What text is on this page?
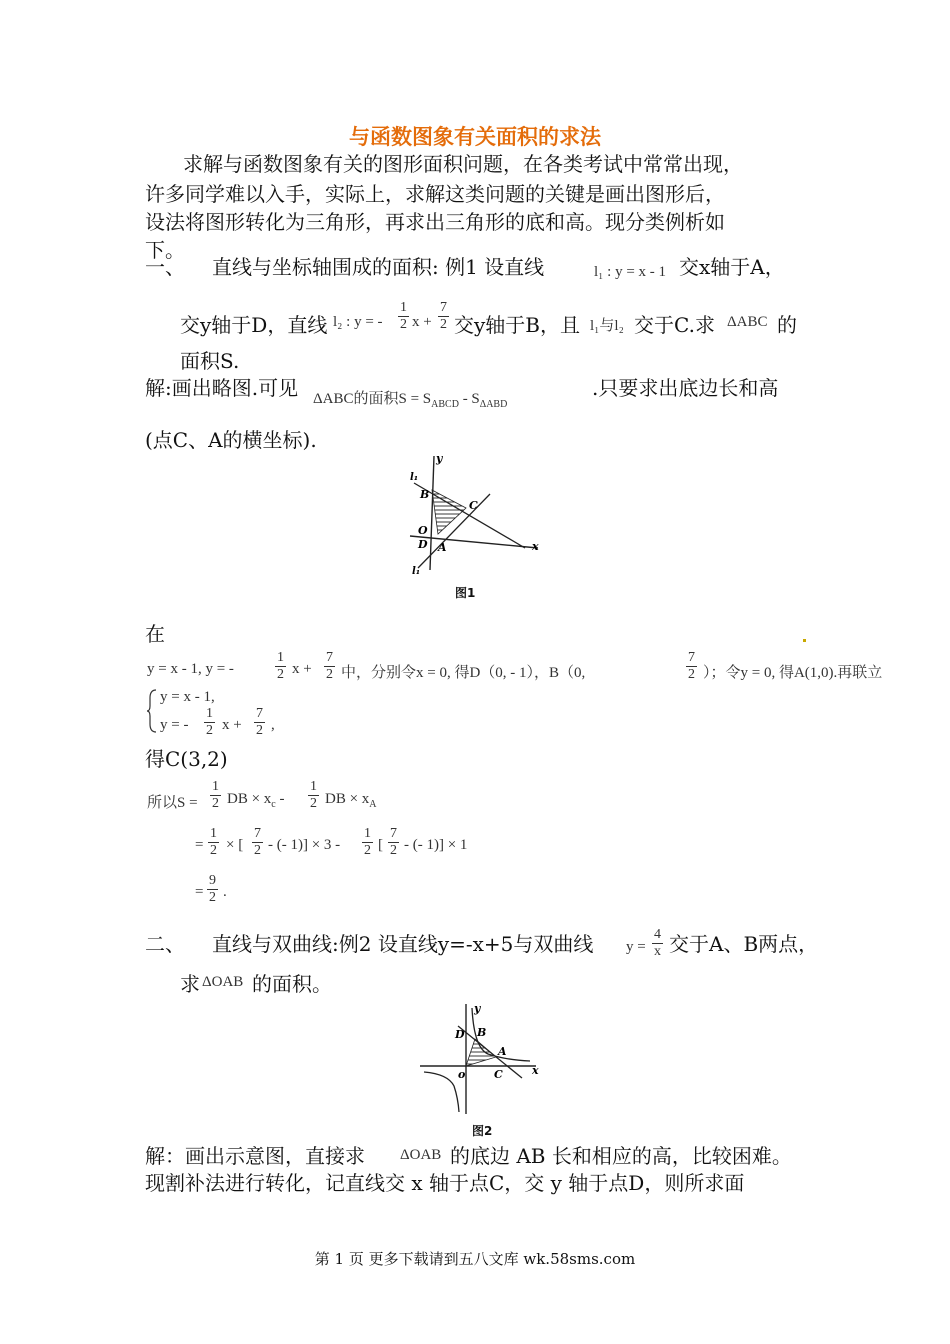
与函数图象有关面积的求法
求解与函数图象有关的图形面积问题，在各类考试中常常出现，
许多同学难以入手，实际上，求解这类问题的关键是画出图形后，
设法将图形转化为三角形，再求出三角形的底和高。现分类例析如
下。
一、 直线与坐标轴围成的面积: 例1 设直线	l₁ : y = x - 1 交x轴于A，
交y轴于D，直线 l₂ : y = - $\frac{1}{2}$ $x + \frac{7}{2}$ 交y轴于B，且 l₁与l₂ 交于C.求 ΔABC 的
面积S.
解:画出略图.可见 ΔABC的面积$S = S_{ABCD} - S_{\Delta ABD}$
.只要求出底边长和高
(点C、A的横坐标).
y
x
l₁
l₁
B
C
O
D A
图1
在
y = x - 1, y = -	$\frac{1}{2}$ $x + \frac{7}{2}$ 中，分别令x = 0, 得D（0, - 1），B（0,	$\frac{7}{2}$ ）；令y = 0, 得A(1,0).再联立
y = x - 1,
y = - $\frac{1}{2}$ $x + \frac{7}{2}$ ,
得C(3,2)
所以$S = \frac{1}{2}$ DB × $x_c - \frac{1}{2}$ DB × $x_A$
= $\frac{1}{2}$ × [ $\frac{7}{2}$ - (- $1)] \times 3 - \frac{1}{2}$ [ $\frac{7}{2}$ - (- 1)] × 1
= $\frac{9}{2}$ .
二、 直线与双曲线:例2 设直线y=-x+5与双曲线 $y = \frac{4}{x}$ 交于A、B两点，
求 ΔOAB 的面积。
y
x
D B
A
o	C
图2
解：画出示意图，直接求 ΔOAB 的底边 AB 长和相应的高，比较困难。
现割补法进行转化，记直线交 x 轴于点C，交 y 轴于点D，则所求面
第 1 页 更多下载请到五八文库 wk.58sms.com
